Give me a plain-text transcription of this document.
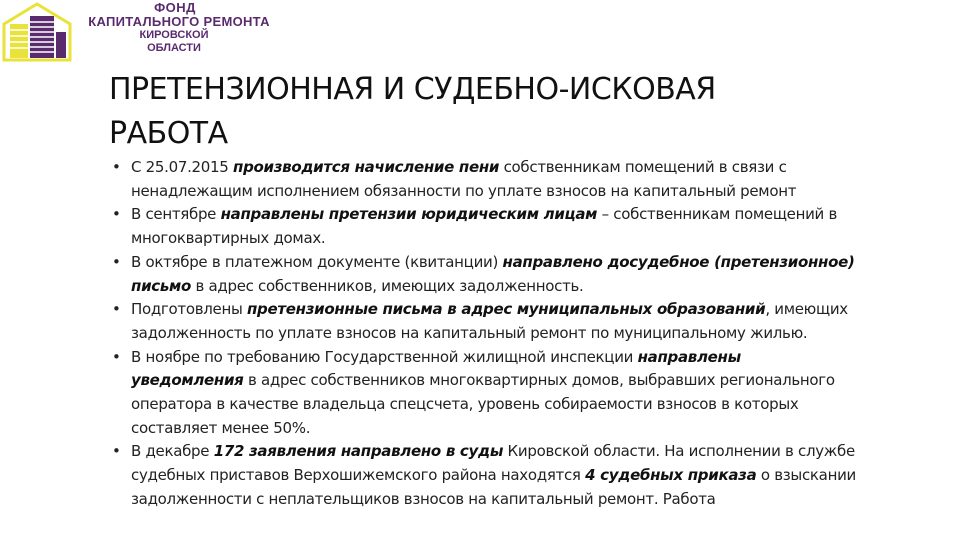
ФОНД
КАПИТАЛЬНОГО РЕМОНТА
КИРОВСКОЙ
ОБЛАСТИ
ПРЕТЕНЗИОННАЯ И СУДЕБНО-ИСКОВАЯ РАБОТА
• С 25.07.2015 производится начисление пени собственникам помещений в связи с ненадлежащим исполнением обязанности по уплате взносов на капитальный ремонт
• В сентябре направлены претензии юридическим лицам – собственникам помещений в многоквартирных домах.
• В октябре в платежном документе (квитанции) направлено досудебное (претензионное) письмо в адрес собственников, имеющих задолженность.
• Подготовлены претензионные письма в адрес муниципальных образований, имеющих задолженность по уплате взносов на капитальный ремонт по муниципальному жилью.
• В ноябре по требованию Государственной жилищной инспекции направлены уведомления в адрес собственников многоквартирных домов, выбравших регионального оператора в качестве владельца спецсчета, уровень собираемости взносов в которых составляет менее 50%.
• В декабре 172 заявления направлено в суды Кировской области. На исполнении в службе судебных приставов Верхошижемского района находятся 4 судебных приказа о взыскании задолженности с неплательщиков взносов на капитальный ремонт. Работа
